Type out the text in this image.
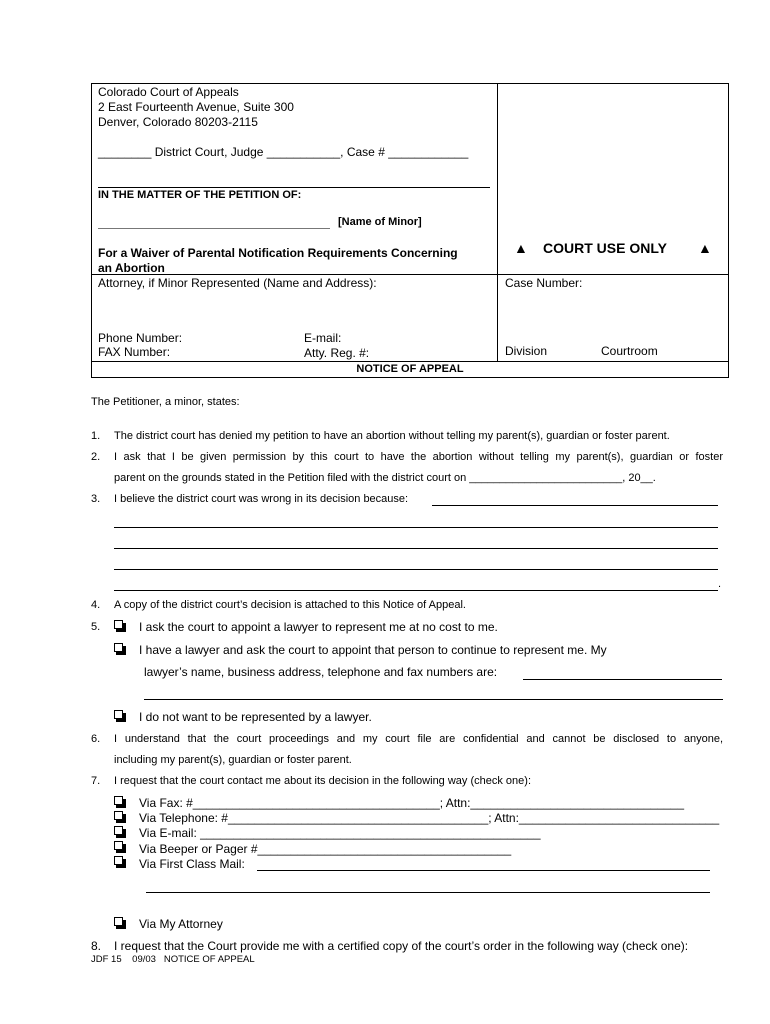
Colorado Court of Appeals
2 East Fourteenth Avenue, Suite 300
Denver, Colorado 80203-2115
________ District Court, Judge ___________, Case # ____________
IN THE MATTER OF THE PETITION OF:
[Name of Minor]
For a Waiver of Parental Notification Requirements Concerning
an Abortion
▲ COURT USE ONLY ▲
Attorney, if Minor Represented (Name and Address):
Phone Number:	E-mail:
FAX Number:	Atty. Reg. #:
Case Number:
Division	Courtroom
NOTICE OF APPEAL
The Petitioner, a minor, states:
1. The district court has denied my petition to have an abortion without telling my parent(s), guardian or foster parent.
2. I ask that I be given permission by this court to have the abortion without telling my parent(s), guardian or foster
parent on the grounds stated in the Petition filed with the district court on _________________________, 20__.
3. I believe the district court was wrong in its decision because:
.
4. A copy of the district court’s decision is attached to this Notice of Appeal.
5.	I ask the court to appoint a lawyer to represent me at no cost to me.
I have a lawyer and ask the court to appoint that person to continue to represent me. My
lawyer’s name, business address, telephone and fax numbers are:
I do not want to be represented by a lawyer.
6. I understand that the court proceedings and my court file are confidential and cannot be disclosed to anyone,
including my parent(s), guardian or foster parent.
7. I request that the court contact me about its decision in the following way (check one):
Via Fax: #_____________________________________; Attn:________________________________
Via Telephone: #_______________________________________; Attn:______________________________
Via E-mail: ___________________________________________________
Via Beeper or Pager #______________________________________
Via First Class Mail:
Via My Attorney
8. I request that the Court provide me with a certified copy of the court’s order in the following way (check one):
JDF 15    09/03   NOTICE OF APPEAL
